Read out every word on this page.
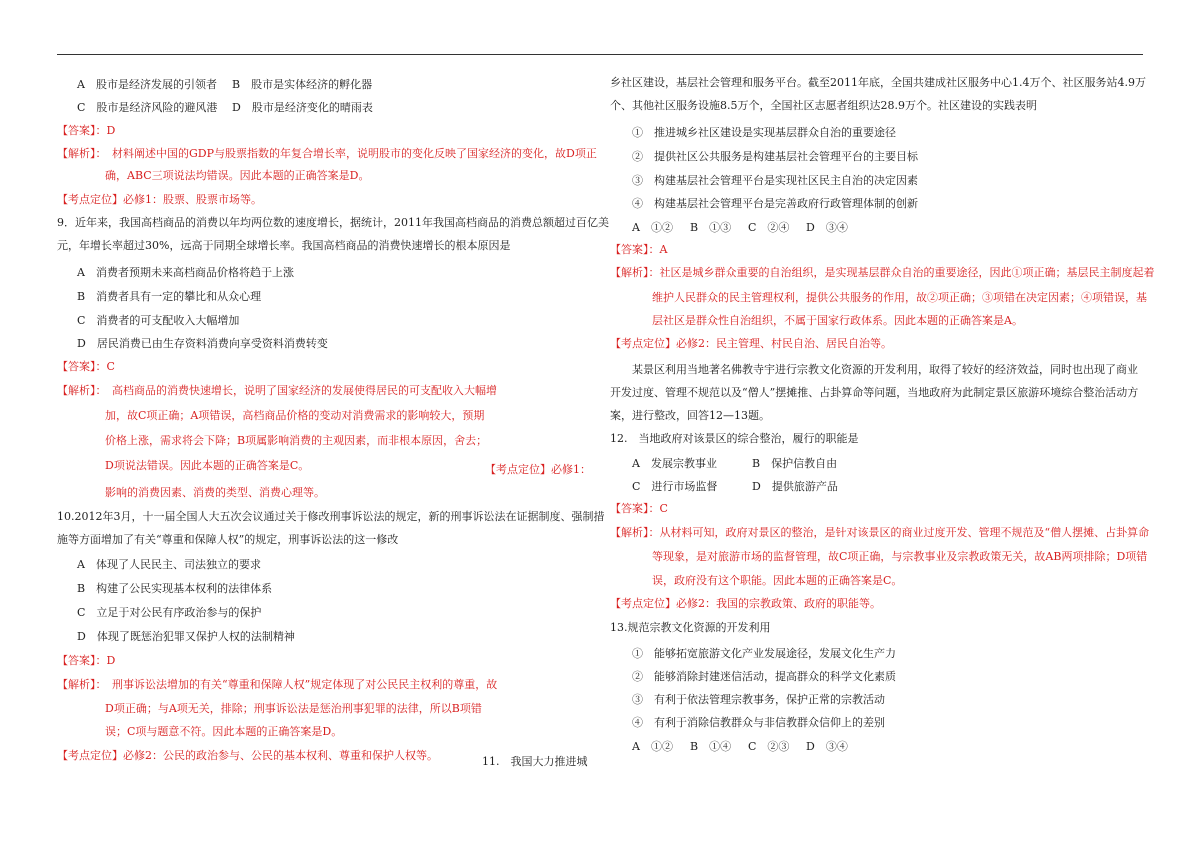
A　股市是经济发展的引领者 B　股市是实体经济的孵化器
C　股市是经济风险的避风港 D　股市是经济变化的晴雨表
【答案】：D
【解析】：　材料阐述中国的GDP与股票指数的年复合增长率，说明股市的变化反映了国家经济的变化，故D项正
确，ABC三项说法均错误。因此本题的正确答案是D。
【考点定位】必修1：股票、股票市场等。
9．近年来，我国高档商品的消费以年均两位数的速度增长，据统计，2011年我国高档商品的消费总额超过百亿美
元，年增长率超过30%，远高于同期全球增长率。我国高档商品的消费快速增长的根本原因是
A　消费者预期未来高档商品价格将趋于上涨
B　消费者具有一定的攀比和从众心理
C　消费者的可支配收入大幅增加
D　居民消费已由生存资料消费向享受资料消费转变
【答案】：C
【解析】：　高档商品的消费快速增长，说明了国家经济的发展使得居民的可支配收入大幅增
加，故C项正确；A项错误，高档商品价格的变动对消费需求的影响较大，预期
价格上涨，需求将会下降；B项属影响消费的主观因素，而非根本原因，舍去；
D项说法错误。因此本题的正确答案是C。	【考点定位】必修1：
影响的消费因素、消费的类型、消费心理等。
10.2012年3月，十一届全国人大五次会议通过关于修改刑事诉讼法的规定，新的刑事诉讼法在证据制度、强制措
施等方面增加了有关“尊重和保障人权”的规定，刑事诉讼法的这一修改
A　体现了人民民主、司法独立的要求
B　构建了公民实现基本权利的法律体系
C　立足于对公民有序政治参与的保护
D　体现了既惩治犯罪又保护人权的法制精神
【答案】：D
【解析】：　刑事诉讼法增加的有关“尊重和保障人权”规定体现了对公民民主权利的尊重，故
D项正确；与A项无关，排除；刑事诉讼法是惩治刑事犯罪的法律，所以B项错
误；C项与题意不符。因此本题的正确答案是D。
【考点定位】必修2：公民的政治参与、公民的基本权利、尊重和保护人权等。	11.　我国大力推进城
乡社区建设，基层社会管理和服务平台。截至2011年底，全国共建成社区服务中心1.4万个、社区服务站4.9万
个、其他社区服务设施8.5万个，全国社区志愿者组织达28.9万个。社区建设的实践表明
①　推进城乡社区建设是实现基层群众自治的重要途径
②　提供社区公共服务是构建基层社会管理平台的主要目标
③　构建基层社会管理平台是实现社区民主自治的决定因素
④　构建基层社会管理平台是完善政府行政管理体制的创新
A　①② B　①③ C　②④ D　③④
【答案】：A
【解析】：社区是城乡群众重要的自治组织，是实现基层群众自治的重要途径，因此①项正确；基层民主制度起着
维护人民群众的民主管理权利，提供公共服务的作用，故②项正确；③项错在决定因素；④项错误，基
层社区是群众性自治组织，不属于国家行政体系。因此本题的正确答案是A。
【考点定位】必修2：民主管理、村民自治、居民自治等。
某景区利用当地著名佛教寺宇进行宗教文化资源的开发利用，取得了较好的经济效益，同时也出现了商业开发过度、管理不规范以及“僧人”摆摊推、占卦算命等问题，当地政府为此制定景区旅游环境综合整治活动方案，进行整改，回答12—13题。
12.　当地政府对该景区的综合整治，履行的职能是
A　发展宗教事业	B　保护信教自由
C　进行市场监督	D　提供旅游产品
【答案】：C
【解析】：从材料可知，政府对景区的整治，是针对该景区的商业过度开发、管理不规范及“僧人摆摊、占卦算命
等现象，是对旅游市场的监督管理，故C项正确，与宗教事业及宗教政策无关，故AB两项排除；D项错
误，政府没有这个职能。因此本题的正确答案是C。
【考点定位】必修2：我国的宗教政策、政府的职能等。
13.规范宗教文化资源的开发利用
①　能够拓宽旅游文化产业发展途径，发展文化生产力
②　能够消除封建迷信活动，提高群众的科学文化素质
③　有利于依法管理宗教事务，保护正常的宗教活动
④　有利于消除信教群众与非信教群众信仰上的差别
A　①② B　①④ C　②③ D　③④
